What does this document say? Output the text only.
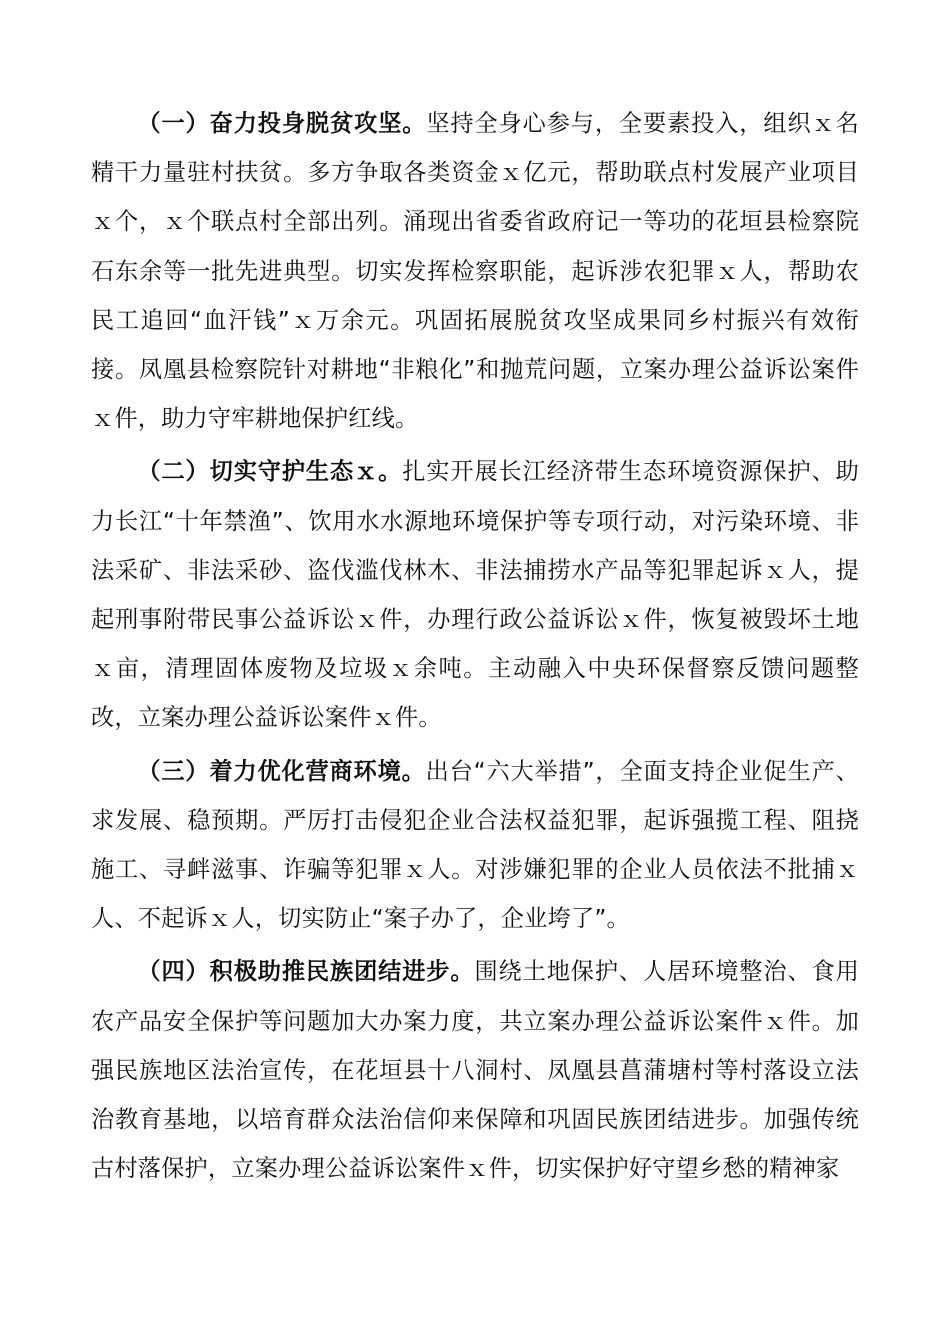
（一）奋力投身脱贫攻坚。坚持全身心参与，全要素投入，组织ｘ名精干力量驻村扶贫。多方争取各类资金ｘ亿元，帮助联点村发展产业项目ｘ个，ｘ个联点村全部出列。涌现出省委省政府记一等功的花垣县检察院石东余等一批先进典型。切实发挥检察职能，起诉涉农犯罪ｘ人，帮助农民工追回“血汗钱”ｘ万余元。巩固拓展脱贫攻坚成果同乡村振兴有效衔接。凤凰县检察院针对耕地“非粮化”和抛荒问题，立案办理公益诉讼案件ｘ件，助力守牢耕地保护红线。

（二）切实守护生态ｘ。扎实开展长江经济带生态环境资源保护、助力长江“十年禁渔”、饮用水水源地环境保护等专项行动，对污染环境、非法采矿、非法采砂、盗伐滥伐林木、非法捕捞水产品等犯罪起诉ｘ人，提起刑事附带民事公益诉讼ｘ件，办理行政公益诉讼ｘ件，恢复被毁坏土地ｘ亩，清理固体废物及垃圾ｘ余吨。主动融入中央环保督察反馈问题整改，立案办理公益诉讼案件ｘ件。

（三）着力优化营商环境。出台“六大举措”，全面支持企业促生产、求发展、稳预期。严厉打击侵犯企业合法权益犯罪，起诉强揽工程、阻挠施工、寻衅滋事、诈骗等犯罪ｘ人。对涉嫌犯罪的企业人员依法不批捕ｘ人、不起诉ｘ人，切实防止“案子办了，企业垮了”。

（四）积极助推民族团结进步。围绕土地保护、人居环境整治、食用农产品安全保护等问题加大办案力度，共立案办理公益诉讼案件ｘ件。加强民族地区法治宣传，在花垣县十八洞村、凤凰县菖蒲塘村等村落设立法治教育基地，以培育群众法治信仰来保障和巩固民族团结进步。加强传统古村落保护，立案办理公益诉讼案件ｘ件，切实保护好守望乡愁的精神家
